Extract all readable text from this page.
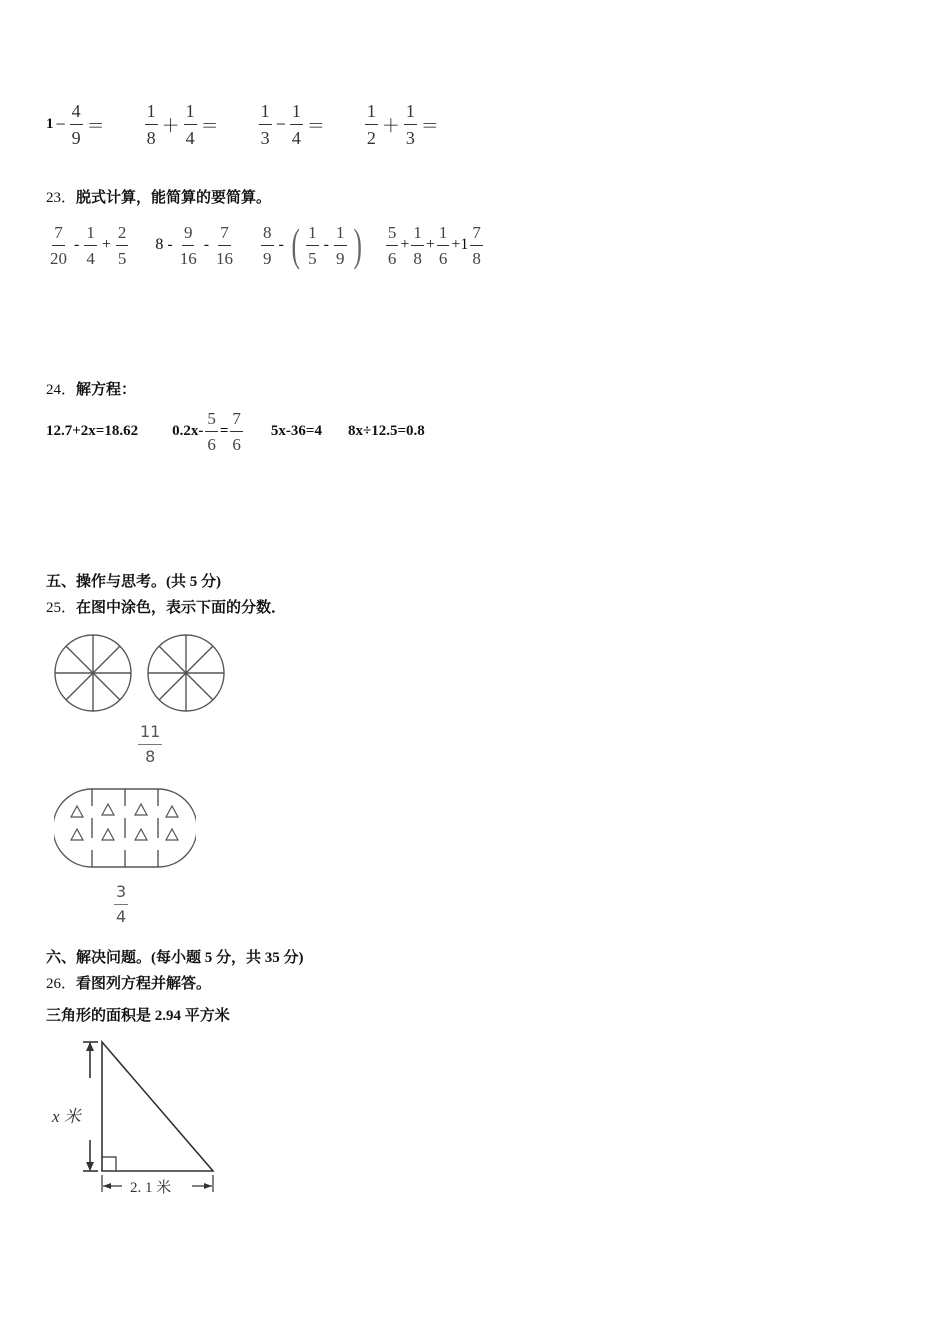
$1 - \frac{4}{9} = \frac{1}{8} + \frac{1}{4} = \frac{1}{3} - \frac{1}{4} = \frac{1}{2} + \frac{1}{3}$ ＝
23．脱式计算，能简算的要简算。
$\frac{7}{20} - \frac{1}{4} + \frac{2}{5} 8 - \frac{9}{16} - \frac{7}{16} \frac{8}{9}$ - ( $\frac{1}{5} - \frac{1}{9}$ ) $\frac{5}{6} + \frac{1}{8} + \frac{1}{6} +1 \frac{7}{8}$
24．解方程：
12.7+2x=18.62 $0.2x- \frac{5}{6} = \frac{7}{6} 5x-36=4$ 8x÷12.5=0.8
五、操作与思考。(共 5 分)
25．在图中涂色，表示下面的分数．
$\frac{11}{8}$
$\frac{3}{4}$
六、解决问题。(每小题 5 分，共 35 分)
26．看图列方程并解答。
三角形的面积是 2.94 平方米
x 米
2. 1 米
